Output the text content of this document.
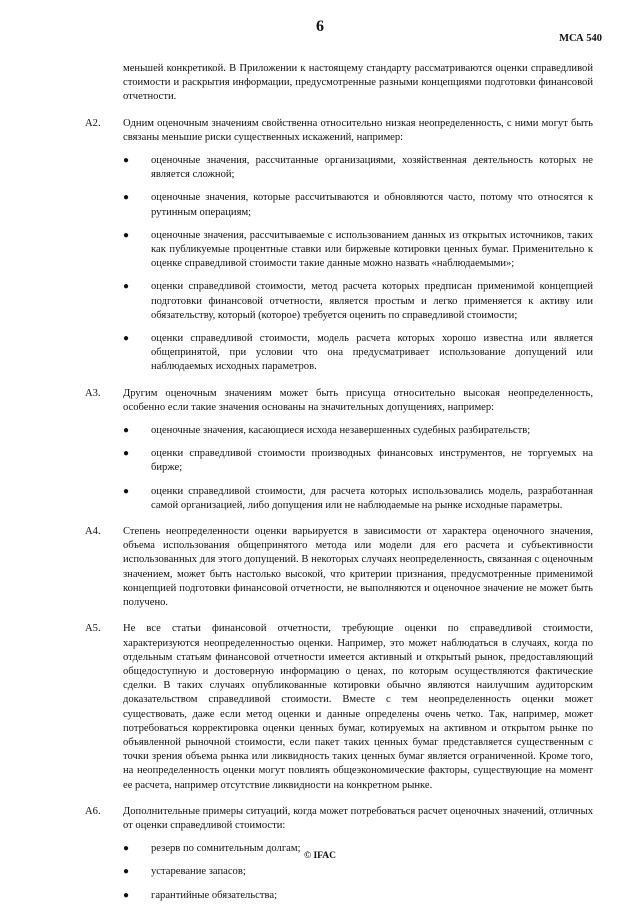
6
МСА 540

меньшей конкретикой. В Приложении к настоящему стандарту рассматриваются оценки справедливой стоимости и раскрытия информации, предусмотренные разными концепциями подготовки финансовой отчетности.

А2. Одним оценочным значениям свойственна относительно низкая неопределенность, с ними могут быть связаны меньшие риски существенных искажений, например:
● оценочные значения, рассчитанные организациями, хозяйственная деятельность которых не является сложной;
● оценочные значения, которые рассчитываются и обновляются часто, потому что относятся к рутинным операциям;
● оценочные значения, рассчитываемые с использованием данных из открытых источников, таких как публикуемые процентные ставки или биржевые котировки ценных бумаг. Применительно к оценке справедливой стоимости такие данные можно назвать «наблюдаемыми»;
● оценки справедливой стоимости, метод расчета которых предписан применимой концепцией подготовки финансовой отчетности, является простым и легко применяется к активу или обязательству, который (которое) требуется оценить по справедливой стоимости;
● оценки справедливой стоимости, модель расчета которых хорошо известна или является общепринятой, при условии что она предусматривает использование допущений или наблюдаемых исходных параметров.
А3. Другим оценочным значениям может быть присуща относительно высокая неопределенность, особенно если такие значения основаны на значительных допущениях, например:
● оценочные значения, касающиеся исхода незавершенных судебных разбирательств;
● оценки справедливой стоимости производных финансовых инструментов, не торгуемых на бирже;
● оценки справедливой стоимости, для расчета которых использовались модель, разработанная самой организацией, либо допущения или не наблюдаемые на рынке исходные параметры.
А4. Степень неопределенности оценки варьируется в зависимости от характера оценочного значения, объема использования общепринятого метода или модели для его расчета и субъективности использованных для этого допущений. В некоторых случаях неопределенность, связанная с оценочным значением, может быть настолько высокой, что критерии признания, предусмотренные применимой концепцией подготовки финансовой отчетности, не выполняются и оценочное значение не может быть получено.
А5. Не все статьи финансовой отчетности, требующие оценки по справедливой стоимости, характеризуются неопределенностью оценки. Например, это может наблюдаться в случаях, когда по отдельным статьям финансовой отчетности имеется активный и открытый рынок, предоставляющий общедоступную и достоверную информацию о ценах, по которым осуществляются фактические сделки. В таких случаях опубликованные котировки обычно являются наилучшим аудиторским доказательством справедливой стоимости. Вместе с тем неопределенность оценки может существовать, даже если метод оценки и данные определены очень четко. Так, например, может потребоваться корректировка оценки ценных бумаг, котируемых на активном и открытом рынке по объявленной рыночной стоимости, если пакет таких ценных бумаг представляется существенным с точки зрения объема рынка или ликвидность таких ценных бумаг является ограниченной. Кроме того, на неопределенность оценки могут повлиять общеэкономические факторы, существующие на момент ее расчета, например отсутствие ликвидности на конкретном рынке.
А6. Дополнительные примеры ситуаций, когда может потребоваться расчет оценочных значений, отличных от оценки справедливой стоимости:
● резерв по сомнительным долгам;
● устаревание запасов;
● гарантийные обязательства;
© IFAC
